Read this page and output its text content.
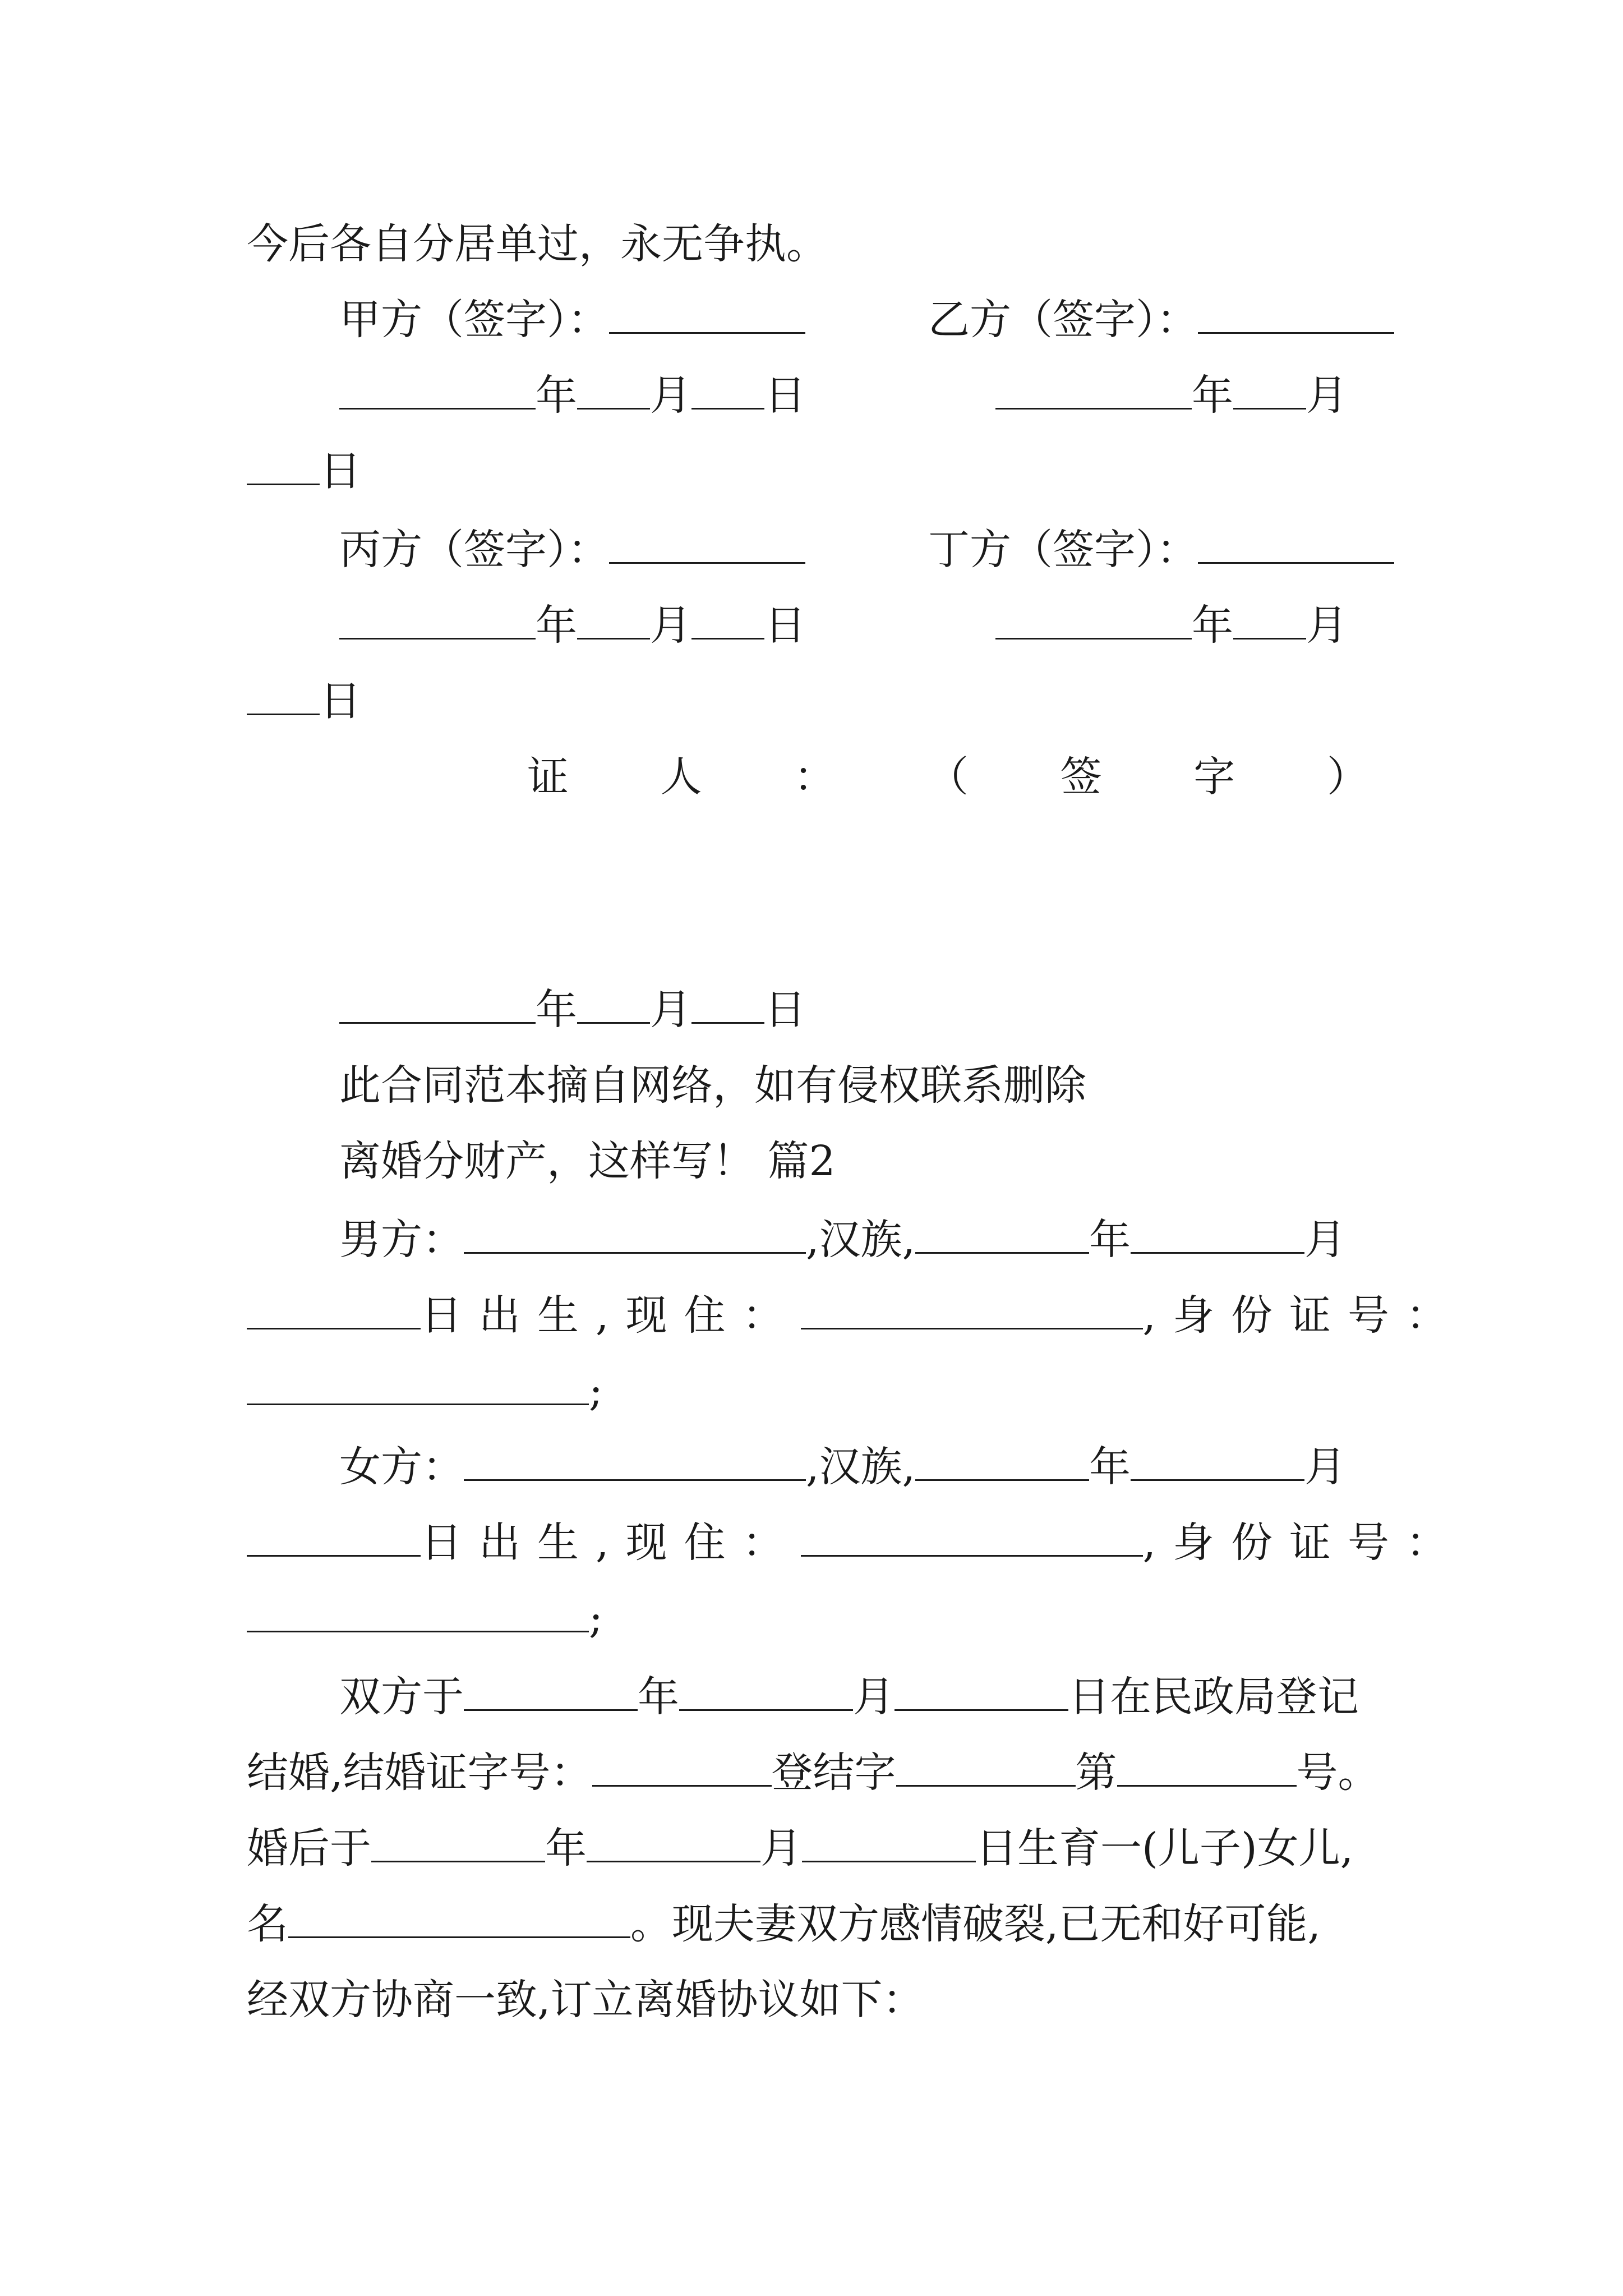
今后各自分居单过，永无争执。
甲方（签字）：	乙方（签字）：
年 月 日	年 月
日
丙方（签字）：	丁方（签字）：
年 月 日	年 月
日
证 人 ： （ 签 字 ）
年 月 日
此合同范本摘自网络，如有侵权联系删除
离婚分财产，这样写！ 篇2
男方：	,汉族,	年	月
日出生,现住：	,身份证号：
;
女方：	,汉族,	年	月
日出生,现住：	,身份证号：
;
双方于	年	月	日在民政局登记
结婚,结婚证字号：	登结字	第	号。
婚后于	年	月	日生育一(儿子)女儿,
名	。现夫妻双方感情破裂,已无和好可能,
经双方协商一致,订立离婚协议如下：
